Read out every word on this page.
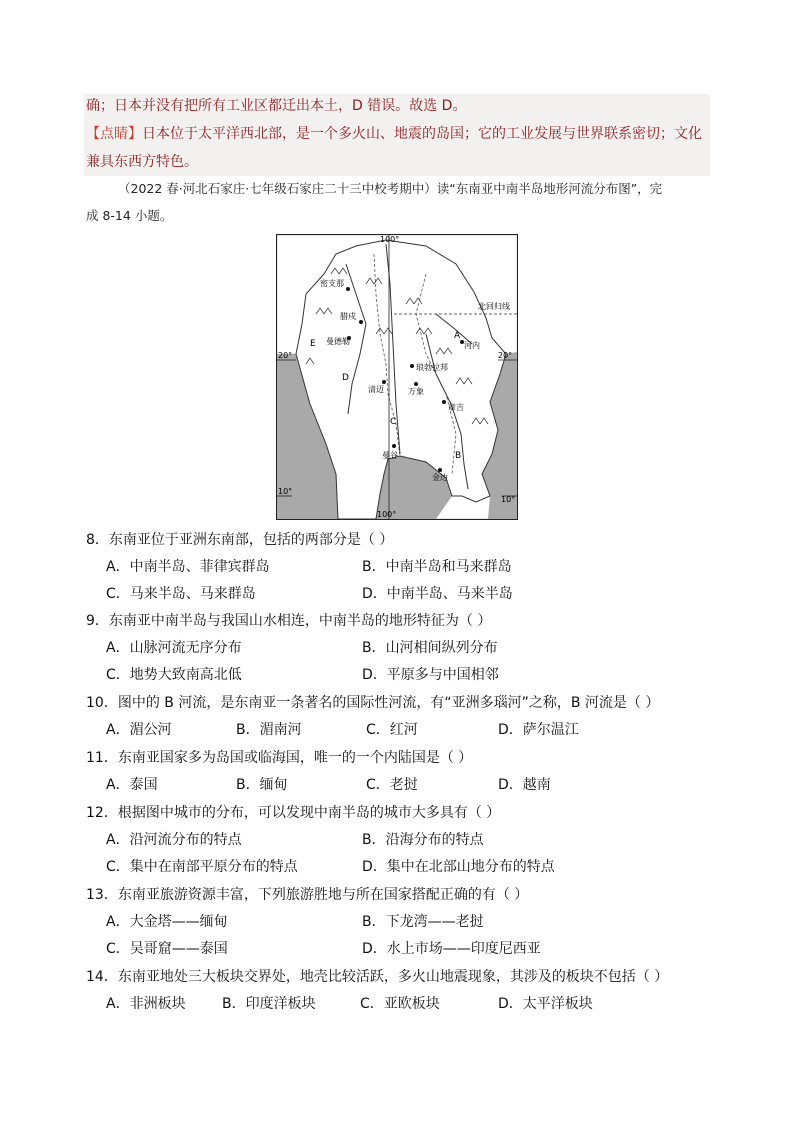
确；日本并没有把所有工业区都迁出本土，D 错误。故选 D。
【点睛】日本位于太平洋西北部，是一个多火山、地震的岛国；它的工业发展与世界联系密切；文化
兼具东西方特色。
（2022 春·河北石家庄·七年级石家庄二十三中校考期中）读“东南亚中南半岛地形河流分布图”，完
成 8-14 小题。
100°
100°
20°	20°
10°
10°
北回归线
密支那
腊戍
曼德勒	河内
琅勃拉邦
清迈	万象
章吉
曼谷
金边
A
B
C
D
E
8．东南亚位于亚洲东南部，包括的两部分是（ ）
A．中南半岛、菲律宾群岛	B．中南半岛和马来群岛
C．马来半岛、马来群岛	D．中南半岛、马来半岛
9．东南亚中南半岛与我国山水相连，中南半岛的地形特征为（ ）
A．山脉河流无序分布	B．山河相间纵列分布
C．地势大致南高北低	D．平原多与中国相邻
10．图中的 B 河流，是东南亚一条著名的国际性河流，有“亚洲多瑙河”之称，B 河流是（ ）
A．湄公河	B．湄南河	C．红河	D．萨尔温江
11．东南亚国家多为岛国或临海国，唯一的一个内陆国是（ ）
A．泰国	B．缅甸	C．老挝	D．越南
12．根据图中城市的分布，可以发现中南半岛的城市大多具有（ ）
A．沿河流分布的特点	B．沿海分布的特点
C．集中在南部平原分布的特点	D．集中在北部山地分布的特点
13．东南亚旅游资源丰富，下列旅游胜地与所在国家搭配正确的有（ ）
A．大金塔——缅甸	B．下龙湾——老挝
C．吴哥窟——泰国	D．水上市场——印度尼西亚
14．东南亚地处三大板块交界处，地壳比较活跃，多火山地震现象，其涉及的板块不包括（ ）
A．非洲板块	B．印度洋板块	C．亚欧板块	D．太平洋板块
